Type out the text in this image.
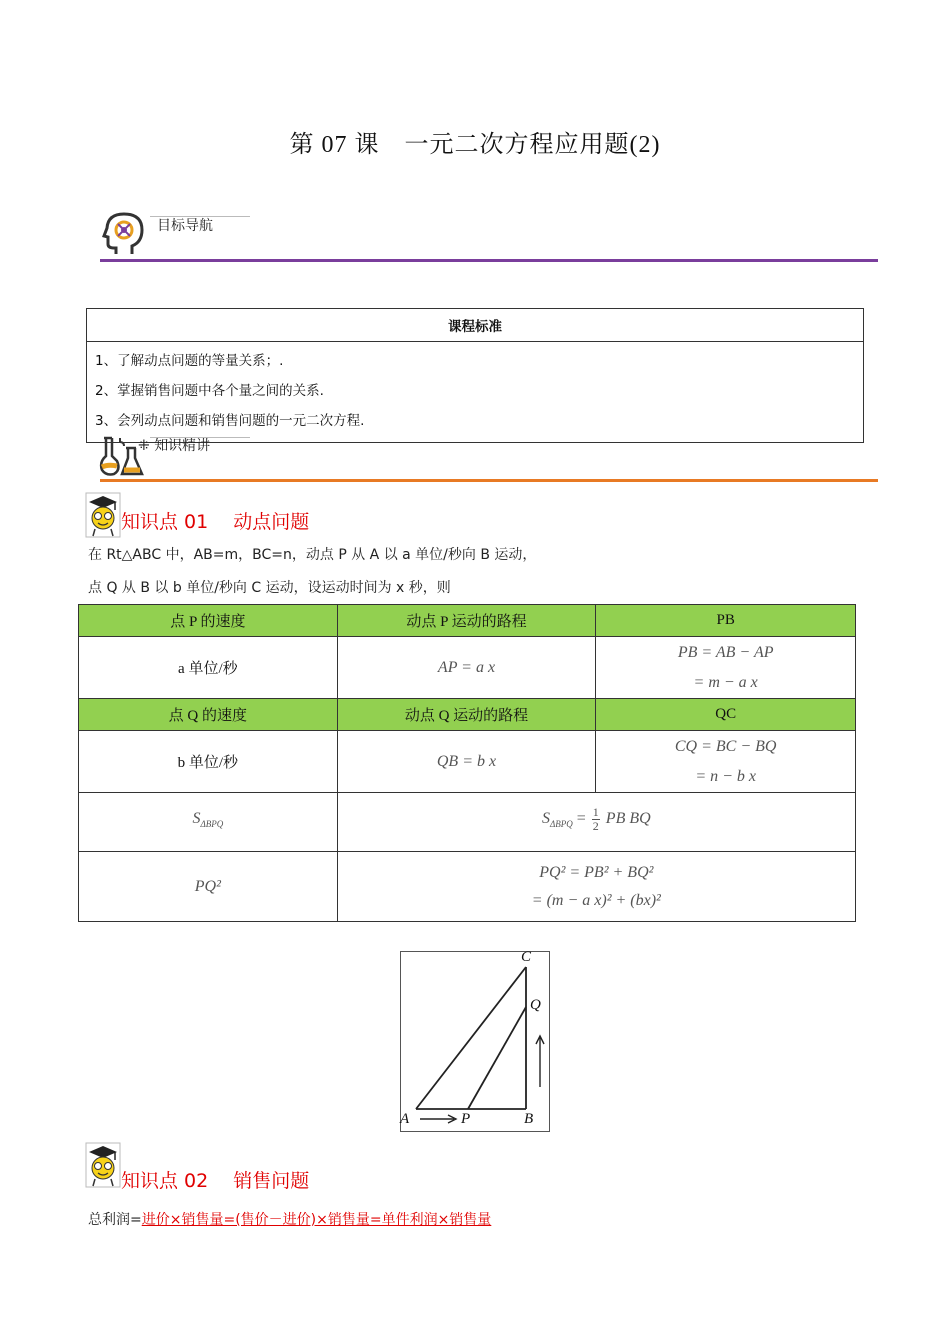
第 07 课　一元二次方程应用题(2)
目标导航
课程标准

1、了解动点问题的等量关系；.
2、掌握销售问题中各个量之间的关系.
3、会列动点问题和销售问题的一元二次方程.
⁜ 知识精讲
知识点 01　 动点问题
在 Rt△ABC 中，AB=m，BC=n，动点 P 从 A 以 a 单位/秒向 B 运动，
点 Q 从 B 以 b 单位/秒向 C 运动，设运动时间为 x 秒，则
点 P 的速度	动点 P 运动的路程	PB
a 单位/秒	AP = a x	PB = AB − AP
= m − a x

点 Q 的速度	动点 Q 运动的路程	QC
b 单位/秒	QB = b x	CQ = BC − BQ
= n − b x

$S_{\Delta BPQ}$	$S_{\Delta BPQ} = \frac{1}{2}$ PB BQ	
PQ²	PQ² = PB² + BQ²
= (m − a x)² + (bx)²	
A	P	B
C
Q
知识点 02　 销售问题
总利润=进价×销售量=(售价－进价)×销售量=单件利润×销售量
